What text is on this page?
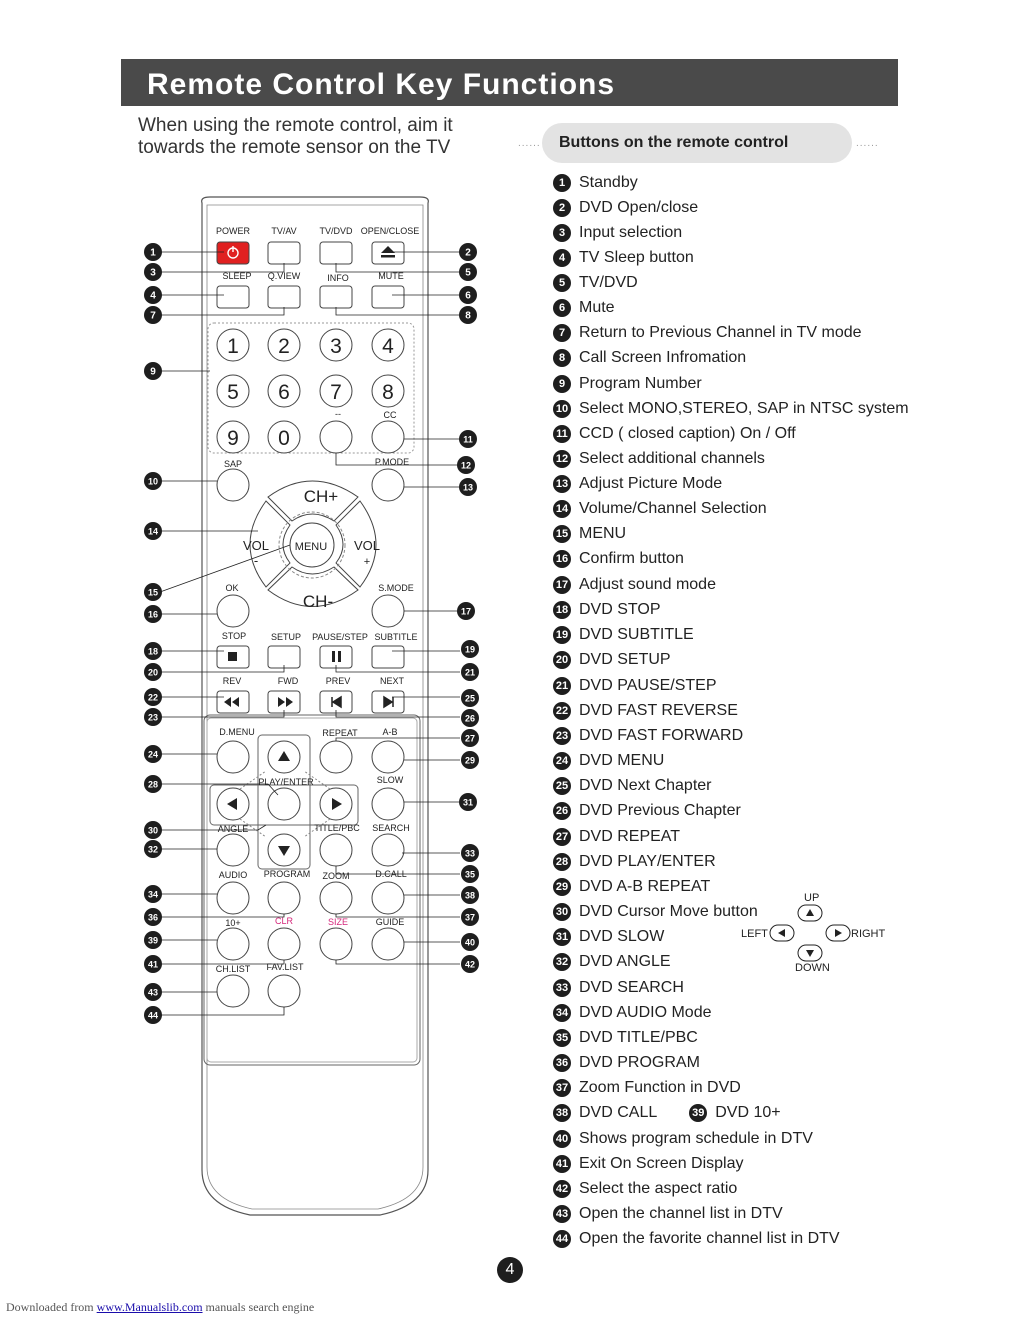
Remote Control Key Functions
When using the remote control, aim it
towards the remote sensor on the TV	...... Buttons on the remote control	......
1 Standby
2 DVD Open/close
3 Input selection
4 TV Sleep button
5 TV/DVD
6 Mute
7 Return to Previous Channel in TV mode
8 Call Screen Infromation
9 Program Number
10 Select MONO,STEREO, SAP in NTSC system
11 CCD ( closed caption) On / Off
12 Select additional channels
13 Adjust Picture Mode
14 Volume/Channel Selection
15 MENU
16 Confirm button
17 Adjust sound mode
18 DVD STOP
19 DVD SUBTITLE
20 DVD SETUP
21 DVD PAUSE/STEP
22 DVD FAST REVERSE
23 DVD FAST FORWARD
24 DVD MENU
25 DVD Next Chapter
26 DVD Previous Chapter
27 DVD REPEAT
28 DVD PLAY/ENTER
29 DVD A-B REPEAT
30 DVD Cursor Move button
31 DVD SLOW
32 DVD ANGLE
33 DVD SEARCH
34 DVD AUDIO Mode
35 DVD TITLE/PBC
36 DVD PROGRAM
37 Zoom Function in DVD
38 DVD CALL	39 DVD 10+
40 Shows program schedule in DTV
41 Exit On Screen Display
42 Select the aspect ratio
43 Open the channel list in DTV
44 Open the favorite channel list in DTV
UP
LEFT	RIGHT
DOWN
POWER TV/AV	TV/DVD OPEN/CLOSE
SLEEP Q.VIEW	INFO	MUTE
--	CC
SAP	P.MODE
OK	S.MODE
STOP	SETUP PAUSE/STEP SUBTITLE
REV	FWD	PREV	NEXT
D.MENU	REPEAT	A-B
PLAY/ENTER	SLOW
ANGLE	TITLE/PBC SEARCH
AUDIO PROGRAM ZOOM	D.CALL
10+	CLR	SIZE	GUIDE
CH.LIST FAV.LIST
1 2 3 4
5 6 7 8
9 0
CH+
CH-
VOL
-
VOL
+
MENU
1	2
3
4
5
6
7	8
9
10
11
12
13
14
15
16	17
18	19
20	21
22
23
24
25
26
27
28
29
30
31
32	33
34
35
36	37
38
39	40
41	42
43
44
4
Downloaded from www.Manualslib.com manuals search engine
